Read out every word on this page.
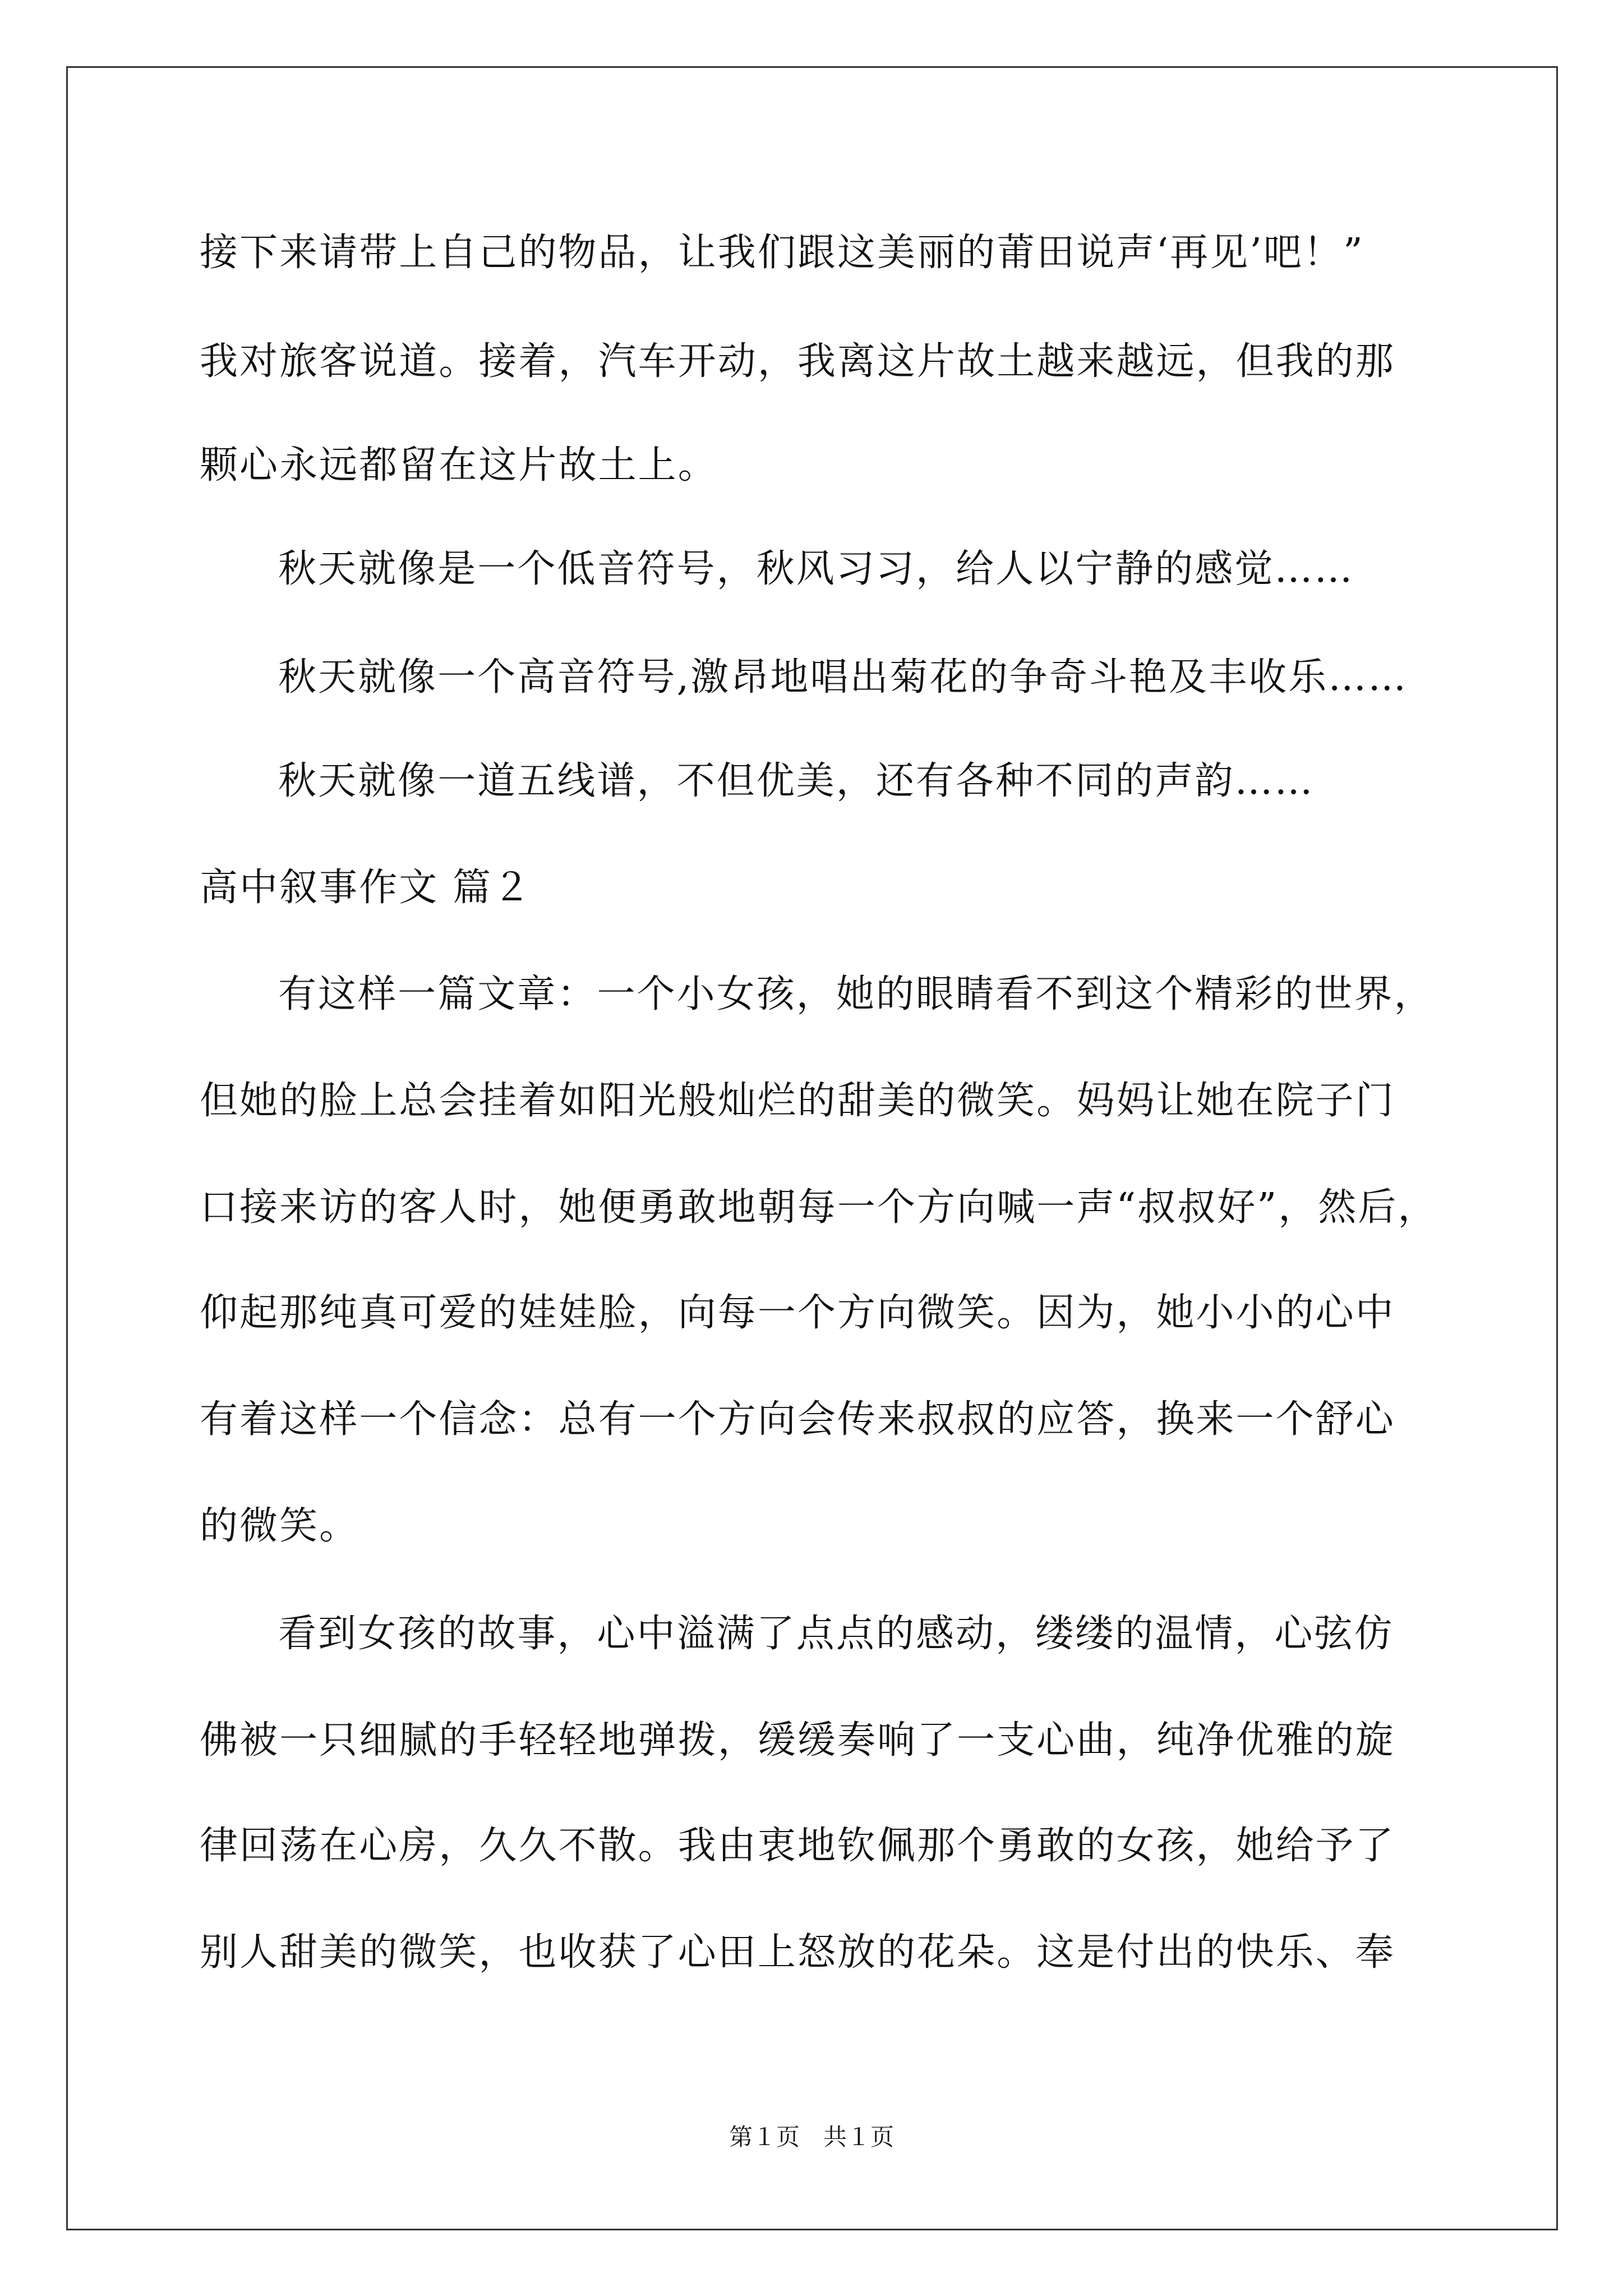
接下来请带上自己的物品，让我们跟这美丽的莆田说声‘再见’吧！”
我对旅客说道。接着，汽车开动，我离这片故土越来越远，但我的那
颗心永远都留在这片故土上。
秋天就像是一个低音符号，秋风习习，给人以宁静的感觉……
秋天就像一个高音符号,激昂地唱出菊花的争奇斗艳及丰收乐……
秋天就像一道五线谱，不但优美，还有各种不同的声韵……
高中叙事作文 篇２
有这样一篇文章：一个小女孩，她的眼睛看不到这个精彩的世界，
但她的脸上总会挂着如阳光般灿烂的甜美的微笑。妈妈让她在院子门
口接来访的客人时，她便勇敢地朝每一个方向喊一声“叔叔好”，然后，
仰起那纯真可爱的娃娃脸，向每一个方向微笑。因为，她小小的心中
有着这样一个信念：总有一个方向会传来叔叔的应答，换来一个舒心
的微笑。
看到女孩的故事，心中溢满了点点的感动，缕缕的温情，心弦仿
佛被一只细腻的手轻轻地弹拨，缓缓奏响了一支心曲，纯净优雅的旋
律回荡在心房，久久不散。我由衷地钦佩那个勇敢的女孩，她给予了
别人甜美的微笑，也收获了心田上怒放的花朵。这是付出的快乐、奉
第１页　共１页
